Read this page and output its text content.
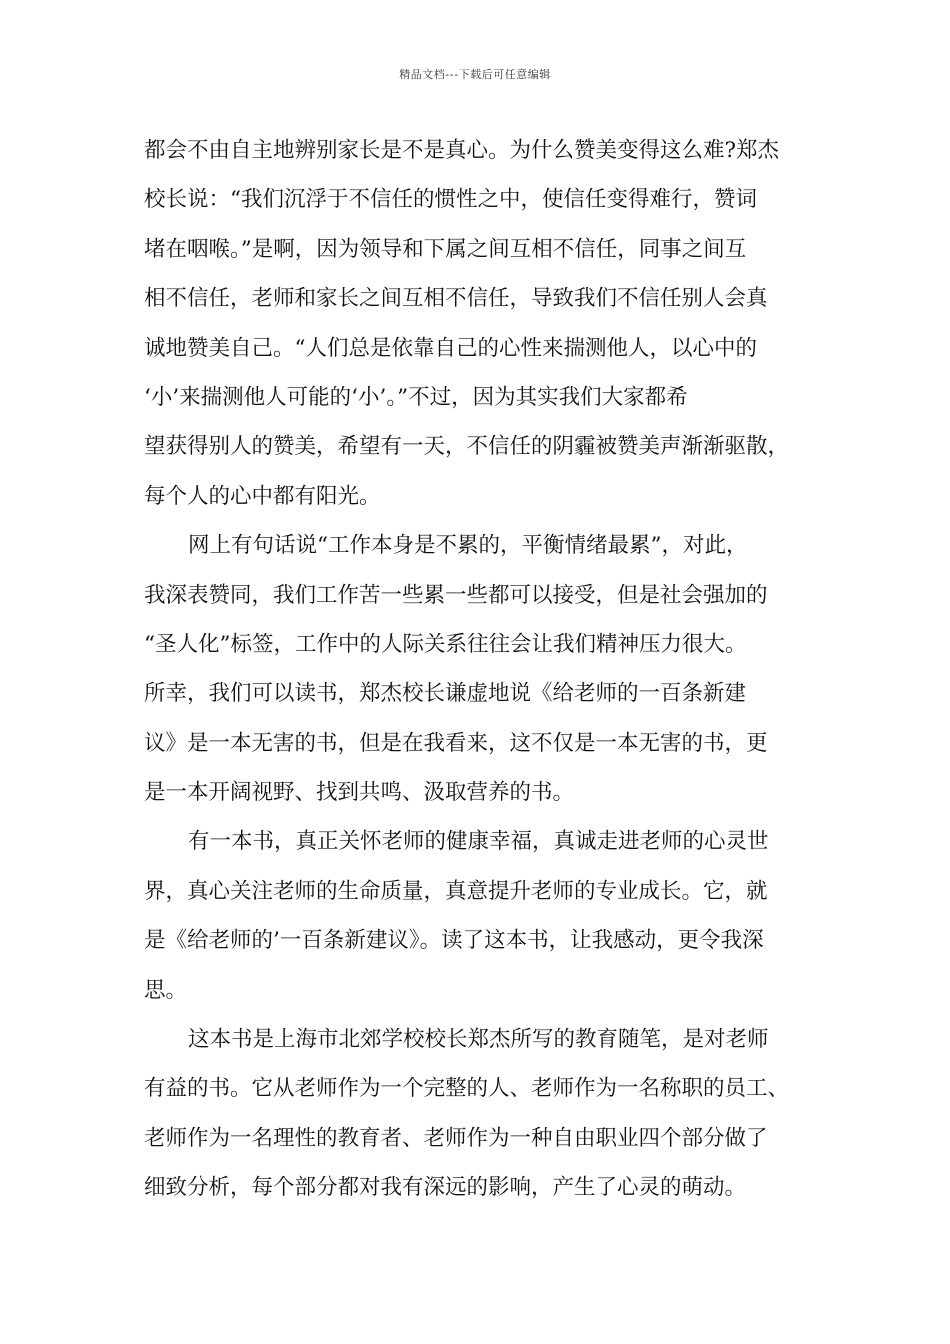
精品文档---下载后可任意编辑
都会不由自主地辨别家长是不是真心。为什么赞美变得这么难?郑杰
校长说：“我们沉浮于不信任的惯性之中，使信任变得难行，赞词
堵在咽喉。”是啊，因为领导和下属之间互相不信任，同事之间互
相不信任，老师和家长之间互相不信任，导致我们不信任别人会真
诚地赞美自己。“人们总是依靠自己的心性来揣测他人，以心中的
‘小’来揣测他人可能的‘小’。”不过，因为其实我们大家都希
望获得别人的赞美，希望有一天，不信任的阴霾被赞美声渐渐驱散，
每个人的心中都有阳光。
网上有句话说“工作本身是不累的，平衡情绪最累”，对此，
我深表赞同，我们工作苦一些累一些都可以接受，但是社会强加的
“圣人化”标签，工作中的人际关系往往会让我们精神压力很大。
所幸，我们可以读书，郑杰校长谦虚地说《给老师的一百条新建
议》是一本无害的书，但是在我看来，这不仅是一本无害的书，更
是一本开阔视野、找到共鸣、汲取营养的书。
有一本书，真正关怀老师的健康幸福，真诚走进老师的心灵世
界，真心关注老师的生命质量，真意提升老师的专业成长。它，就
是《给老师的’一百条新建议》。读了这本书，让我感动，更令我深
思。
这本书是上海市北郊学校校长郑杰所写的教育随笔，是对老师
有益的书。它从老师作为一个完整的人、老师作为一名称职的员工、
老师作为一名理性的教育者、老师作为一种自由职业四个部分做了
细致分析，每个部分都对我有深远的影响，产生了心灵的萌动。
